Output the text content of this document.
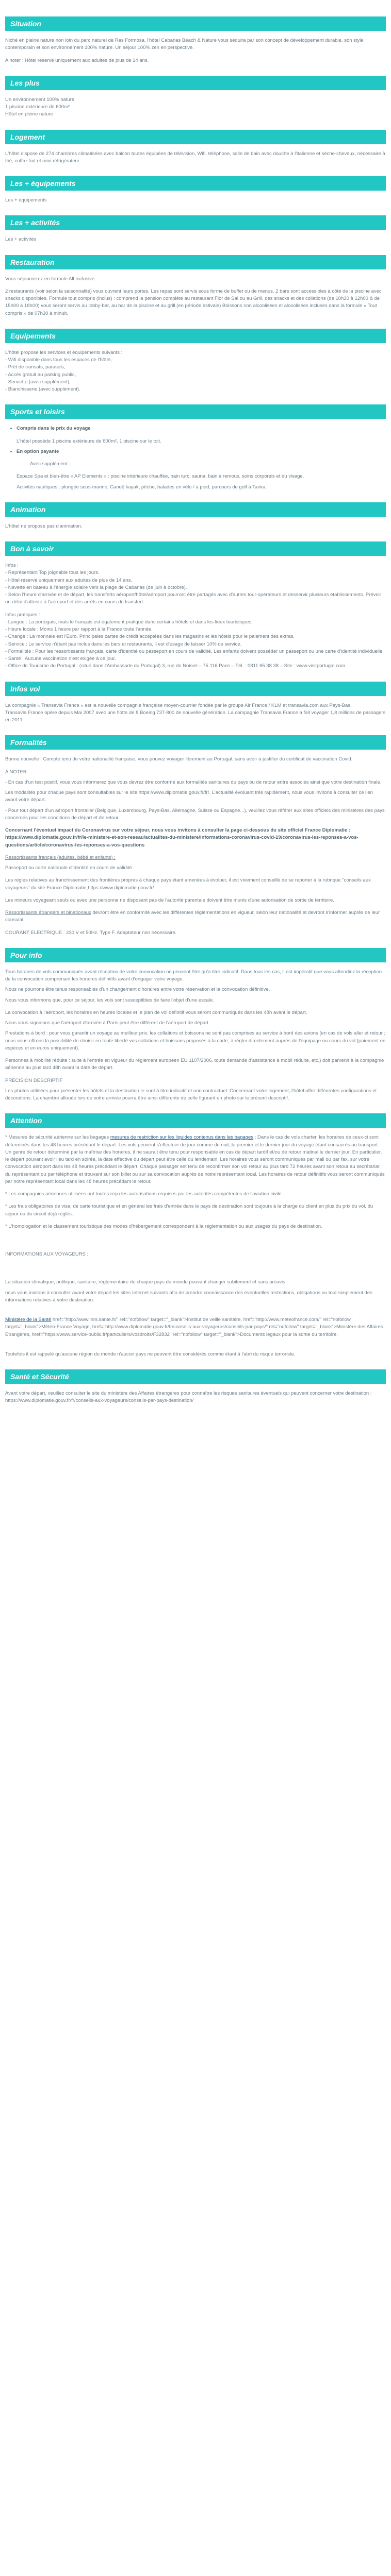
Situation

Niché en pleine nature non loin du parc naturel de Ras Formosa, l'hôtel Cabanas Beach & Nature vous séduira par son concept de développement durable, son style contemporain et son environnement 100% nature. Un séjour 100% zen en perspective.

A noter : Hôtel réservé uniquement aux adultes de plus de 14 ans.

Les plus

Un environnement 100% nature

1 piscine extérieure de 600m²

Hôtel en pleine nature

Logement

L'hôtel dispose de 274 chambres climatisées avec balcon toutes équipées de télévision, Wifi, téléphone, salle de bain avec douche à l'italienne et sèche-cheveux, nécessaire à thé, coffre-fort et mini réfrigérateur.

Les + équipements

Les + équipements

Les + activités

Les + activités

Restauration

Vous séjournerez en formule All Inclusive.

2 restaurants (voir selon la saisonnalité) vous ouvrent leurs portes. Les repas sont servis sous forme de buffet ou de menus. 2 bars sont accessibles à côté de la piscine avec snacks disponibles. Formule tout compris (inclus) : comprend la pension complète au restaurant Flor de Sal ou au Grill, des snacks et des collations (de 10h30 à 12h00 & de 15h00 à 18h00) vous seront servis au lobby-bar, au bar de la piscine et au grill (en période estivale) Boissons non alcoolisées et alcoolisées incluses dans la formule « Tout compris » de 07h30 à minuit.

Equipements

L'hôtel propose les services et équipements suivants :

- Wifi disponible dans tous les espaces de l'hôtel,

- Prêt de transats, parasols,

- Accès gratuit au parking public,

- Serviette (avec supplément),

- Blanchisserie (avec supplément).

Sports et loisirs
• Compris dans le prix du voyage

L'hôtel possède 1 piscine extérieure de 600m², 1 piscine sur le toit.

• En option payante

Avec supplément :

Espace Spa et bien-être « AP Elements » : piscine intérieure chauffée, bain turc, sauna, bain à remous, soins corporels et du visage.

Activités nautiques : plongée sous-marine, Canoë kayak, pêche, balades en vélo / à pied, parcours de golf à Tavira.

Animation

L'hôtel ne propose pas d'animation.

Bon à savoir

Infos :

- Représentant Top joignable tous les jours.

- Hôtel réservé uniquement aux adultes de plus de 14 ans.

- Navette en bateau à l'énergie solaire vers la plage de Cabanas (de juin à octobre).

- Selon l'heure d'arrivée et de départ, les transferts aéroport/hôtel/aéroport pourront être partagés avec d'autres tour-opérateurs et desservir plusieurs établissements. Prévoir un délai d'attente à l'aéroport et des arrêts en cours de transfert.

Infos pratiques :

- Langue : La portugais, mais le français est également pratiqué dans certains hôtels et dans les lieux touristiques.

- Heure locale : Moins 1 heure par rapport à la France toute l'année.

- Change : La monnaie est l'Euro. Principales cartes de crédit acceptées dans les magasins et les hôtels pour le paiement des extras.

- Service : Le service n'étant pas inclus dans les bars et restaurants, il est d'usage de laisser 10% de service.

- Formalités : Pour les ressortissants français, carte d'identité ou passeport en cours de validité. Les enfants doivent posséder un passeport ou une carte d'identité individuelle.

- Santé : Aucune vaccination n'est exigée à ce jour.

- Office de Tourisme du Portugal : (situé dans l'Ambassade du Portugal) 3, rue de Noisiel – 75 116 Paris – Tél. : 0811 65 38 38 – Site : www.visitportugal.com

Infos vol

La compagnie « Transavia France » est la nouvelle compagnie française moyen-courrier fondée par le groupe Air France / KLM et transavia.com aux Pays-Bas.

Transavia France opère depuis Mai 2007 avec une flotte de 8 Boeing 737-800 de nouvelle génération. La compagnie Transavia France a fait voyager 1,8 millions de passagers en 2011.

Formalités

Bonne nouvelle : Compte tenu de votre nationalité française, vous pouvez voyager librement au Portugal, sans avoir à justifier du certificat de vaccination Covid.

A NOTER

- En cas d'un test positif, vous vous informerez que vous devrez être conformé aux formalités sanitaires du pays ou de retour entre associés ainsi que votre destination finale.

Les modalités pour chaque pays sont consultables sur le site https://www.diplomatie.gouv.fr/fr/. L'actualité évoluant très rapidement, nous vous invitons à consulter ce lien avant votre départ.

- Pour tout départ d'un aéroport frontalier (Belgique, Luxembourg, Pays-Bas, Allemagne, Suisse ou Espagne...), veuillez vous référer aux sites officiels des ministères des pays concernés pour les conditions de départ et de retour.

Concernant l'éventuel impact du Coronavirus sur votre séjour, nous vous invitons à consulter la page ci-dessous du site officiel France Diplomatie : https://www.diplomatie.gouv.fr/fr/le-ministere-et-son-reseau/actualites-du-ministere/informations-coronavirus-covid-19/coronavirus-les-reponses-a-vos-questions/article/coronavirus-les-reponses-a-vos-questions

Ressortissants français (adultes, bébé et enfants) :

Passeport ou carte nationale d'identité en cours de validité.

Les règles relatives au franchissement des frontières propres à chaque pays étant amenées à évoluer, il est vivement conseillé de se reporter à la rubrique "conseils aux voyageurs" du site France Diplomatie,https://www.diplomatie.gouv.fr/

Les mineurs voyageant seuls ou avec une personne ne disposant pas de l'autorité parentale doivent être munis d'une autorisation de sortie de territoire.

Ressortissants étrangers et binationaux devront être en conformité avec les différentes réglementations en vigueur, selon leur nationalité et devront s'informer auprès de leur consulat.

COURANT ELECTRIQUE : 230 V et 50Hz. Type F. Adaptateur non nécessaire.

Pour info

Tous horaires de vols communiqués avant réception de votre convocation ne peuvent être qu'à titre indicatif. Dans tous les cas, il est impératif que vous attendiez la réception de la convocation comprenant les horaires définitifs avant d'engager votre voyage.

Nous ne pourrons être tenus responsables d'un changement d'horaires entre votre réservation et la convocation définitive.

Nous vous informons que, pour ce séjour, les vols sont susceptibles de faire l'objet d'une escale.

La convocation à l'aéroport, les horaires en heures locales et le plan de vol définitif vous seront communiqués dans les 48h avant le départ.

Nous vous signalons que l'aéroport d'arrivée à Paris peut être différent de l'aéroport de départ.

Prestations à bord : pour vous garantir un voyage au meilleur prix, les collations et boissons ne sont pas comprises au service à bord des avions (en cas de vols aller et retour ; nous vous offrons la possibilité de choisir en toute liberté vos collations et boissons proposés à la carte, à régler directement auprès de l'équipage ou cours du vol (paiement en espèces et en euros uniquement).

Personnes à mobilité réduite : suite à l'entrée en vigueur du règlement européen EU 1107/2006, toute demande d'assistance à mobil réduite, etc.) doit parvenir à la compagnie aérienne au plus tard 48h avant la date de départ.

PRÉCISION DESCRIPTIF

Les photos utilisées pour présenter les hôtels et la destination le sont à titre indicatif et non contractuel. Concernant votre logement, l'hôtel offre différentes configurations et décorations. La chambre allouée lors de votre arrivée pourra être ainsi différente de celle figurant en photo sur le présent descriptif.

Attention

* Mesures de sécurité aérienne sur les bagages mesures de restriction sur les liquides contenus dans les bagages : Dans le cas de vols charter, les horaires de ceux-ci sont déterminés dans les 48 heures précédant le départ. Les vols peuvent s'effectuer de jour comme de nuit, le premier et le dernier jour du voyage étant consacrés au transport. Un genre de retour déterminé par la maîtrise des horaires, il ne saurait être tenu pour responsable en cas de départ tardif et/ou de retour matinal le dernier jour. En particulier, le départ pouvant avoir lieu tard en soirée, la date effective du départ peut être celle du lendemain. Les horaires vous seront communiqués par mail ou par fax, sur votre convocation aéroport dans les 48 heures précédant le départ. Chaque passager est tenu de reconfirmer son vol retour au plus tard 72 heures avant son retour au secrétariat du représentant ou par téléphone et trouvant sur son billet ou sur sa convocation auprès de notre représentant local. Les horaires de retour définitifs vous seront communiqués par notre représentant local dans les 48 heures précédant le retour.

* Les compagnies aériennes utilisées ont toutes reçu les autorisations requises par les autorités compétentes de l'aviation civile.

* Les frais obligatoires de visa, de carte touristique et en général les frais d'entrée dans le pays de destination sont toujours à la charge du client en plus du prix du vol, du séjour ou du circuit déjà réglés.

* L'homologation et le classement touristique des modes d'hébergement correspondent à la réglementation ou aux usages du pays de destination.

INFORMATIONS AUX VOYAGEURS :

La situation climatique, politique, sanitaire, réglementaire de chaque pays du monde pouvant changer subitement et sans préavis

nous vous invitons à consulter avant votre départ les sites Internet suivants afin de prendre connaissance des éventuelles restrictions, obligations ou tout simplement des informations relatives à votre destination.

Ministère de la Santé href="http://www.inrs.sante.fr/" rel="nofollow" target="_blank">Institut de veille sanitaire, href="http://www.meteofrance.com/" rel="nofollow" target="_blank">Météo-France Voyage, href="http://www.diplomatie.gouv.fr/fr/conseils-aux-voyageurs/conseils-par-pays/" rel="nofollow" target="_blank">Ministère des Affaires Étrangères, href="https://www.service-public.fr/particuliers/vosdroits/F32832" rel="nofollow" target="_blank">Documents légaux pour la sortie du territoire.

Toutefois il est rappelé qu'aucune région du monde n'aucun pays ne peuvent être considérés comme étant à l'abri du risque terroriste.

Santé et Sécurité

Avant votre départ, veuillez consulter le site du ministère des Affaires étrangères pour connaître les risques sanitaires éventuels qui peuvent concerner votre destination : https://www.diplomatie.gouv.fr/fr/conseils-aux-voyageurs/conseils-par-pays-destination/
